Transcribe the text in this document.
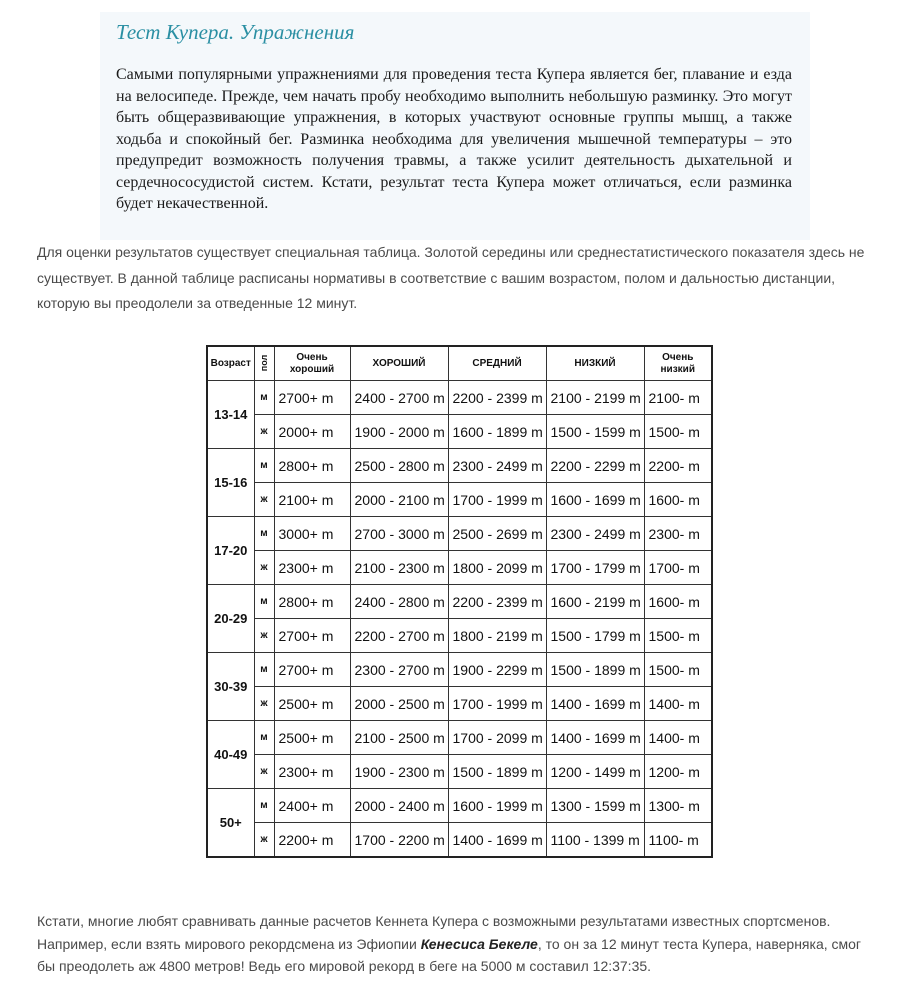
Тест Купера. Упражнения

Самыми популярными упражнениями для проведения теста Купера является бег, плавание и езда на велосипеде. Прежде, чем начать пробу необходимо выполнить небольшую разминку. Это могут быть общеразвивающие упражнения, в которых участвуют основные группы мышц, а также ходьба и спокойный бег. Разминка необходима для увеличения мышечной температуры – это предупредит возможность получения травмы, а также усилит деятельность дыхательной и сердечнососудистой систем. Кстати, результат теста Купера может отличаться, если разминка будет некачественной.

Для оценки результатов существует специальная таблица. Золотой середины или среднестатистического показателя здесь не существует. В данной таблице расписаны нормативы в соответствие с вашим возрастом, полом и дальностью дистанции, которую вы преодолели за отведенные 12 минут.

Возраст	пол	Очень хороший	ХОРОШИЙ	СРЕДНИЙ	НИЗКИЙ	Очень низкий
13-14	м	2700+ m	2400 - 2700 m	2200 - 2399 m	2100 - 2199 m	2100- m
	ж	2000+ m	1900 - 2000 m	1600 - 1899 m	1500 - 1599 m	1500- m
15-16	м	2800+ m	2500 - 2800 m	2300 - 2499 m	2200 - 2299 m	2200- m
	ж	2100+ m	2000 - 2100 m	1700 - 1999 m	1600 - 1699 m	1600- m
17-20	м	3000+ m	2700 - 3000 m	2500 - 2699 m	2300 - 2499 m	2300- m
	ж	2300+ m	2100 - 2300 m	1800 - 2099 m	1700 - 1799 m	1700- m
20-29	м	2800+ m	2400 - 2800 m	2200 - 2399 m	1600 - 2199 m	1600- m
	ж	2700+ m	2200 - 2700 m	1800 - 2199 m	1500 - 1799 m	1500- m
30-39	м	2700+ m	2300 - 2700 m	1900 - 2299 m	1500 - 1899 m	1500- m
	ж	2500+ m	2000 - 2500 m	1700 - 1999 m	1400 - 1699 m	1400- m
40-49	м	2500+ m	2100 - 2500 m	1700 - 2099 m	1400 - 1699 m	1400- m
	ж	2300+ m	1900 - 2300 m	1500 - 1899 m	1200 - 1499 m	1200- m
50+	м	2400+ m	2000 - 2400 m	1600 - 1999 m	1300 - 1599 m	1300- m
	ж	2200+ m	1700 - 2200 m	1400 - 1699 m	1100 - 1399 m	1100- m

Кстати, многие любят сравнивать данные расчетов Кеннета Купера с возможными результатами известных спортсменов. Например, если взять мирового рекордсмена из Эфиопии Кенесиса Бекеле, то он за 12 минут теста Купера, наверняка, смог бы преодолеть аж 4800 метров! Ведь его мировой рекорд в беге на 5000 м составил 12:37:35.
